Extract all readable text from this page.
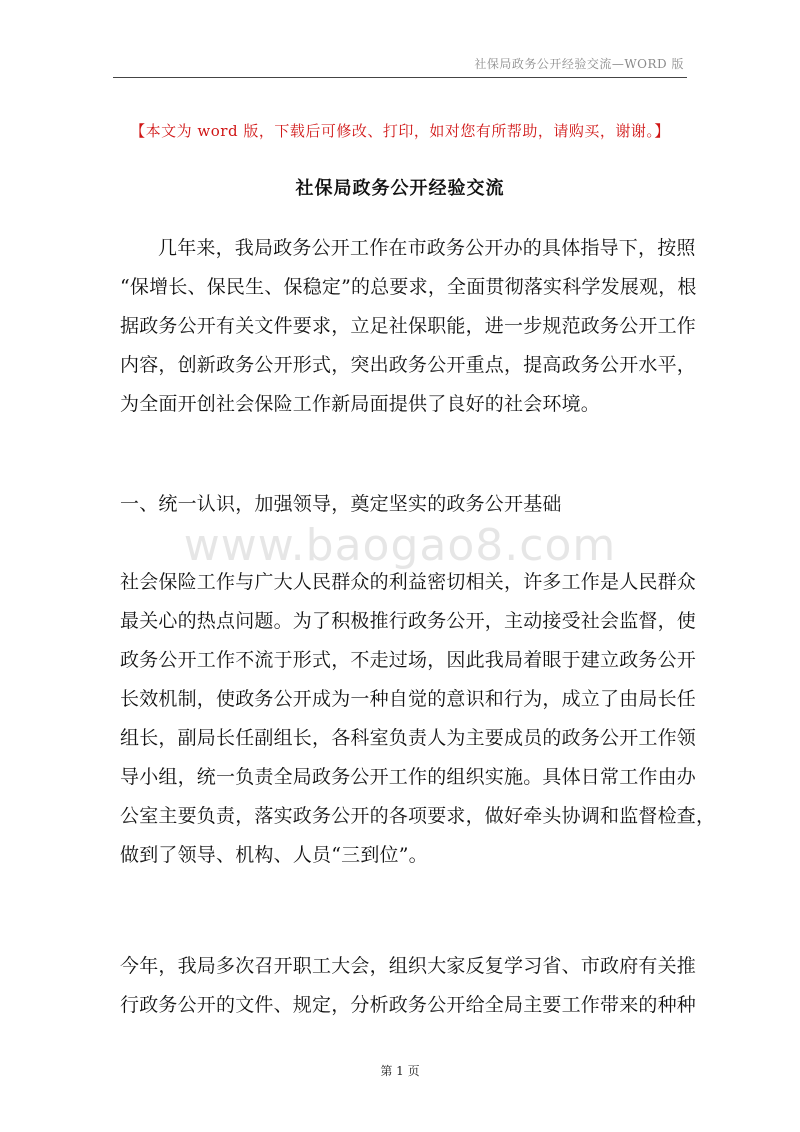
社保局政务公开经验交流—WORD 版
【本文为 word 版，下载后可修改、打印，如对您有所帮助，请购买，谢谢。】
社保局政务公开经验交流
几年来，我局政务公开工作在市政务公开办的具体指导下，按照
“保增长、保民生、保稳定”的总要求，全面贯彻落实科学发展观，根
据政务公开有关文件要求，立足社保职能，进一步规范政务公开工作
内容，创新政务公开形式，突出政务公开重点，提高政务公开水平，
为全面开创社会保险工作新局面提供了良好的社会环境。
一、统一认识，加强领导，奠定坚实的政务公开基础
www.baogao8.com
社会保险工作与广大人民群众的利益密切相关，许多工作是人民群众
最关心的热点问题。为了积极推行政务公开，主动接受社会监督，使
政务公开工作不流于形式，不走过场，因此我局着眼于建立政务公开
长效机制，使政务公开成为一种自觉的意识和行为，成立了由局长任
组长，副局长任副组长，各科室负责人为主要成员的政务公开工作领
导小组，统一负责全局政务公开工作的组织实施。具体日常工作由办
公室主要负责，落实政务公开的各项要求，做好牵头协调和监督检查，
做到了领导、机构、人员“三到位”。
今年，我局多次召开职工大会，组织大家反复学习省、市政府有关推
行政务公开的文件、规定，分析政务公开给全局主要工作带来的种种
第 1 页
